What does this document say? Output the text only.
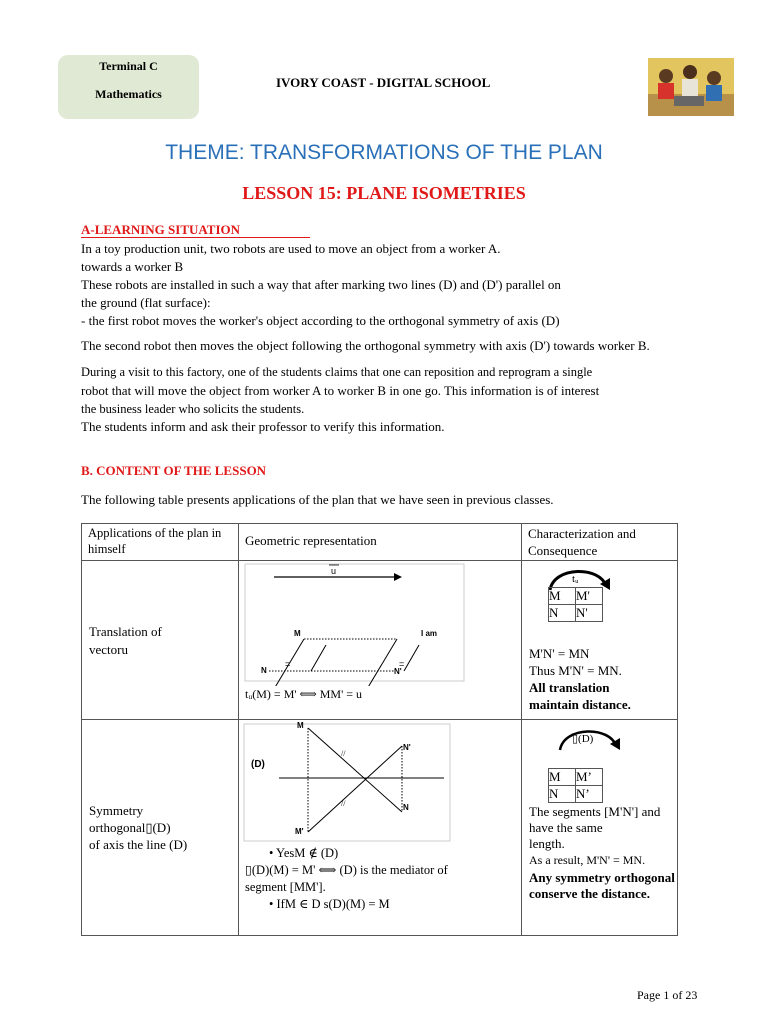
Terminal C
Mathematics
IVORY COAST - DIGITAL SCHOOL
THEME: TRANSFORMATIONS OF THE PLAN
LESSON 15: PLANE ISOMETRIES
A-LEARNING SITUATION
In a toy production unit, two robots are used to move an object from a worker A.
towards a worker B
These robots are installed in such a way that after marking two lines (D) and (D') parallel on
the ground (flat surface):
- the first robot moves the worker's object according to the orthogonal symmetry of axis (D)
The second robot then moves the object following the orthogonal symmetry with axis (D') towards worker B.
During a visit to this factory, one of the students claims that one can reposition and reprogram a single
robot that will move the object from worker A to worker B in one go. This information is of interest
the business leader who solicits the students.
The students inform and ask their professor to verify this information.
B. CONTENT OF THE LESSON
The following table presents applications of the plan that we have seen in previous classes.
Applications of the plan in himself	Geometric representation	Characterization and Consequence

Translation of
vectoru

u
M	I am
=	=
N	N'
tᵤ(M) = M' ⟺ MM' = u

tᵤ
M	M'
N	N'
M'N' = MN
Thus M'N' = MN.
All translation maintain distance.

Symmetry
orthogonal▯(D)
of axis the line (D)

M
N'
(D)
N
M'
//
//
• YesM ∉ (D)
▯(D)(M) = M' ⟺ (D) is the mediator of
segment [MM'].
• IfM ∈ D s(D)(M) = M

▯(D)
M	M’
N	N’
The segments [M'N'] and
have the same
length.
As a result, M'N' = MN.
Any symmetry orthogonal conserve the distance.
Page 1 of 23
